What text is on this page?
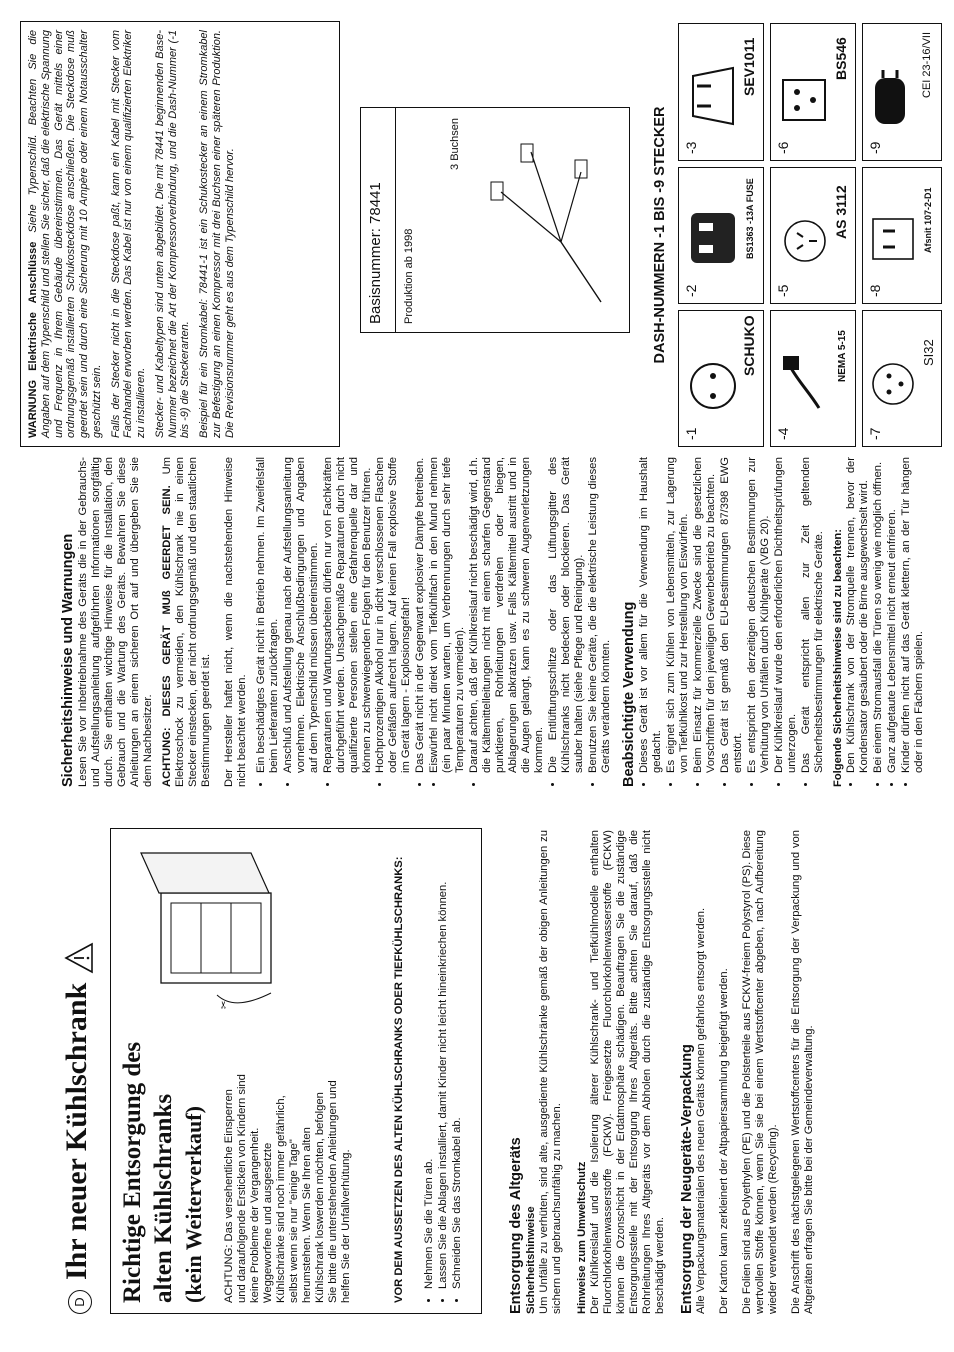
D
Ihr neuer Kühlschrank Richtige Entsorgung des alten Kühlschranks (kein Weiterverkauf)
✂
ACHTUNG: Das versehentliche Einsperren und daraufolgende Ersticken von Kindern sind keine Probleme der Vergangenheit. Weggeworfene und ausgesetzte Kühlschränke sind noch immer gefährlich, selbst wenn sie nur "einige Tage" herumstehen. Wenn Sie Ihren alten Kühlschrank loswerden möchten, befolgen Sie bitte die unterstehenden Anleitungen und helfen Sie der Unfallverhütung.	VOR DEM AUSSETZEN DES ALTEN KÜHLSCHRANKS ODER TIEFKÜHLSCHRANKS: • Nehmen Sie die Türen ab. • Lassen Sie die Ablagen installiert, damit Kinder nicht leicht hineinkriechen können. • Schneiden Sie das Stromkabel ab.	Entsorgung des Altgeräts Sicherheitshinweise Um Unfälle zu verhüten, sind alte, ausgediente Kühlschränke gemäß der obigen Anleitungen zu sichern und gebrauchsunfähig zu machen. Hinweise zum Umweltschutz Der Kühlkreislauf und die Isolierung älterer Kühlschrank- und Tiefkühlmodelle enthalten Fluorchlorkohlenwasserstoffe (FCKW). Freigesetzte Fluorchlorkohlenwasserstoffe (FCKW) können die Ozonschicht in der Erdatmosphäre schädigen. Beauftragen Sie die zuständige Entsorgungsstelle mit der Entsorgung Ihres Altgeräts. Bitte achten Sie darauf, daß die Rohrleitungen Ihres Altgeräts vor dem Abholen durch die zuständige Entsorgungsstelle nicht beschädigt werden. Entsorgung der Neugeräte-Verpackung Alle Verpackungsmaterialen des neuen Geräts können gefahrlos entsorgt werden. Der Karton kann zerkleinert der Altpapiersammlung beigefügt werden. Die Folien sind aus Polyethylen (PE) und die Polsterteile aus FCKW-freiem Polystyrol (PS). Diese wertvollen Stoffe können, wenn Sie sie bei einem Wertstoffcenter abgeben, nach Aufbereitung wieder verwendet werden (Recycling). Die Anschrift des nächstgelegenen Wertstoffcenters für die Entsorgung der Verpackung und von Altgeräten erfragen Sie bitte bei der Gemeindeverwaltung.

Sicherheitshinweise und Warnungen Lesen Sie vor Inbetriebnahme des Geräts die in der Gebrauchs- und Aufstellungsanleitung aufgeführten Informationen sorgfältig durch. Sie enthalten wichtige Hinweise für die Installation, den Gebrauch und die Wartung des Geräts. Bewahren Sie diese Anleitungen an einem sicheren Ort auf und übergeben Sie sie dem Nachbesitzer. ACHTUNG: DIESES GERÄT MUß GEERDET SEIN. Um Elektroschock zu vermeiden, den Kühlschrank nie in einen Stecker einstecken, der nicht ordnungsgemäß und den staatlichen Bestimmungen geerdet ist. Der Hersteller haftet nicht, wenn die nachstehenden Hinweise nicht beachtet werden. • Ein beschädigtes Gerät nicht in Betrieb nehmen. Im Zweifelsfall beim Lieferanten zurückfragen. • Anschluß und Aufstellung genau nach der Aufstellungsanleitung vornehmen. Elektrische Anschlußbedingungen und Angaben auf dem Typenschild müssen übereinstimmen. • Reparaturen und Wartungsarbeiten dürfen nur von Fachkräften durchgeführt werden. Unsachgemäße Reparaturen durch nicht qualifizierte Personen stellen eine Gefahrenquelle dar und können zu schwerwiegenden Folgen für den Benutzer führen. • Hochprozentigen Alkohol nur in dicht verschlossenen Flaschen oder Gefäßen aufrecht lagern. Auf keinen Fall explosive Stoffe im Gerät lagern - Explosionsgefahr! • Das Gerät nicht in der Gegenwart explosiver Dämpfe betreiben. • Eiswürfel nicht direkt vom Tiefkühlfach in den Mund nehmen (ein paar Minuten warten, um Verbrennungen durch sehr tiefe Temperaturen zu vermeiden). • Darauf achten, daß der Kühlkreislauf nicht beschädigt wird, d.h. die Kältemittelleitungen nicht mit einem scharfen Gegenstand punktieren, Rohrleitungen verdrehen oder biegen, Ablagerungen abkratzen usw. Falls Kältemittel austritt und in die Augen gelangt, kann es zu schweren Augenverletzungen kommen. • Die Entlüftungsschlitze oder das Lüftungsgitter des Kühlschranks nicht bedecken oder blockieren. Das Gerät sauber halten (siehe Pflege und Reinigung). • Benutzen Sie keine Geräte, die die elektrische Leistung dieses Geräts verändern könnten. Beabsichtigte Verwendung • Dieses Gerät ist vor allem für die Verwendung im Haushalt gedacht. • Es eignet sich zum Kühlen von Lebensmitteln, zur Lagerung von Tiefkühlkost und zur Herstellung von Eiswürfeln. • Beim Einsatz für kommerzielle Zwecke sind die gesetzlichen Vorschriften für den jeweiligen Gewerbebetrieb zu beachten. • Das Gerät ist gemäß den EU-Bestimmungen 87/398 EWG entstört. • Es entspricht den derzeitigen deutschen Bestimmungen zur Verhütung von Unfällen durch Kühlgeräte (VBG 20). • Der Kühlkreislauf wurde den erforderlichen Dichtheitsprüfungen unterzogen. • Das Gerät entspricht allen zur Zeit geltenden Sicherheitsbestimmungen für elektrische Geräte. Folgende Sicherheitshinweise sind zu beachten: • Den Kühlschrank von der Stromquelle trennen, bevor der Kondensator gesäubert oder die Birne ausgewechselt wird. • Bei einem Stromausfall die Türen so wenig wie möglich öffnen. • Ganz aufgetaute Lebensmittel nicht erneut einfrieren. • Kinder dürfen nicht auf das Gerät klettern, an der Tür hängen oder in den Fächern spielen.

WARNUNG Elektrische Anschlüsse Siehe Typenschild. Beachten Sie die Angaben auf dem Typenschild und stellen Sie sicher, daß die elektrische Spannung und Frequenz in Ihrem Gebäude übereinstimmen. Das Gerät mittels einer ordnungsgemäß installierten Schukosteckdose anschließen. Die Steckdose muß geerdet sein und durch eine Sicherung mit 10 Ampère oder einem Notausschalter geschützt sein. Falls der Stecker nicht in die Steckdose paßt, kann ein Kabel mit Stecker vom Fachhandel erworben werden. Das Kabel ist nur von einem qualifizierten Elektriker zu installieren. Stecker- und Kabeltypen sind unten abgebildet. Die mit 78441 beginnenden Base-Nummer bezeichnet die Art der Kompressorverbindung, und die Dash-Nummer (-1 bis -9) die Steckerarten. Beispiel für ein Stromkabel: 78441-1 ist ein Schukostecker an einem Stromkabel zur Befestigung an einen Kompressor mit drei Buchsen einer späteren Produktion. Die Revisionsnummer geht es aus dem Typenschild hervor.	Basisnummer: 78441 Produktion ab 1998
3 Buchsen	DASH-NUMMERN -1 BIS -9 STECKER
-1
SCHUKO
-2
BS1363 -13A FUSE
-3
SEV1011
-4
NEMA 5-15
-5
AS 3112
-6
BS546
-7
SI32
-8
Afsnit 107-2-D1
-9
CEI 23-16/VII
